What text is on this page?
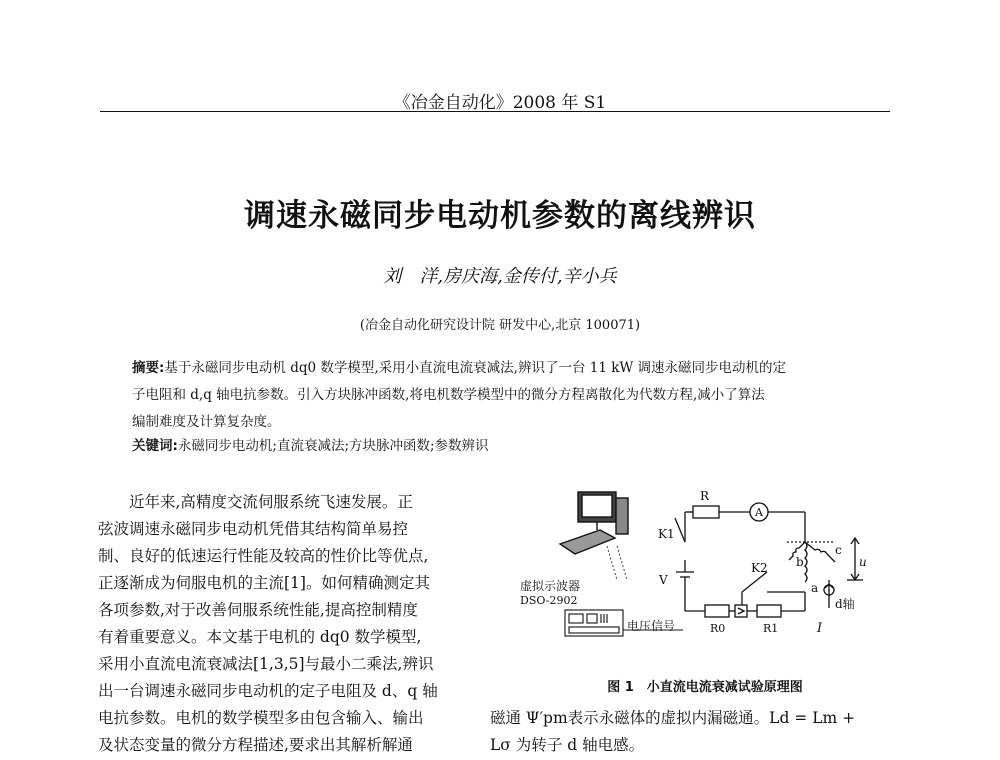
《冶金自动化》2008 年 S1
调速永磁同步电动机参数的离线辨识
刘　洋,房庆海,金传付,辛小兵
(冶金自动化研究设计院 研发中心,北京 100071)
摘要:基于永磁同步电动机 dq0 数学模型,采用小直流电流衰减法,辨识了一台 11 kW 调速永磁同步电动机的定
子电阻和 d,q 轴电抗参数。引入方块脉冲函数,将电机数学模型中的微分方程离散化为代数方程,减小了算法
编制难度及计算复杂度。
关键词:永磁同步电动机;直流衰减法;方块脉冲函数;参数辨识
　　近年来,高精度交流伺服系统飞速发展。正
弦波调速永磁同步电动机凭借其结构简单易控
制、良好的低速运行性能及较高的性价比等优点,
正逐渐成为伺服电机的主流[1]。如何精确测定其
各项参数,对于改善伺服系统性能,提高控制精度
有着重要意义。本文基于电机的 dq0 数学模型,
采用小直流电流衰减法[1,3,5]与最小二乘法,辨识
出一台调速永磁同步电动机的定子电阻及 d、q 轴
电抗参数。电机的数学模型多由包含输入、输出
及状态变量的微分方程描述,要求出其解析解通
虚拟示波器
DSO-2902
电压信号
R
A
K1
K2
V
R0	R1	I
b
c
a
u
d轴
图 1　小直流电流衰减试验原理图
磁通 Ψ′pm表示永磁体的虚拟内漏磁通。Ld = Lm +
Lσ 为转子 d 轴电感。
